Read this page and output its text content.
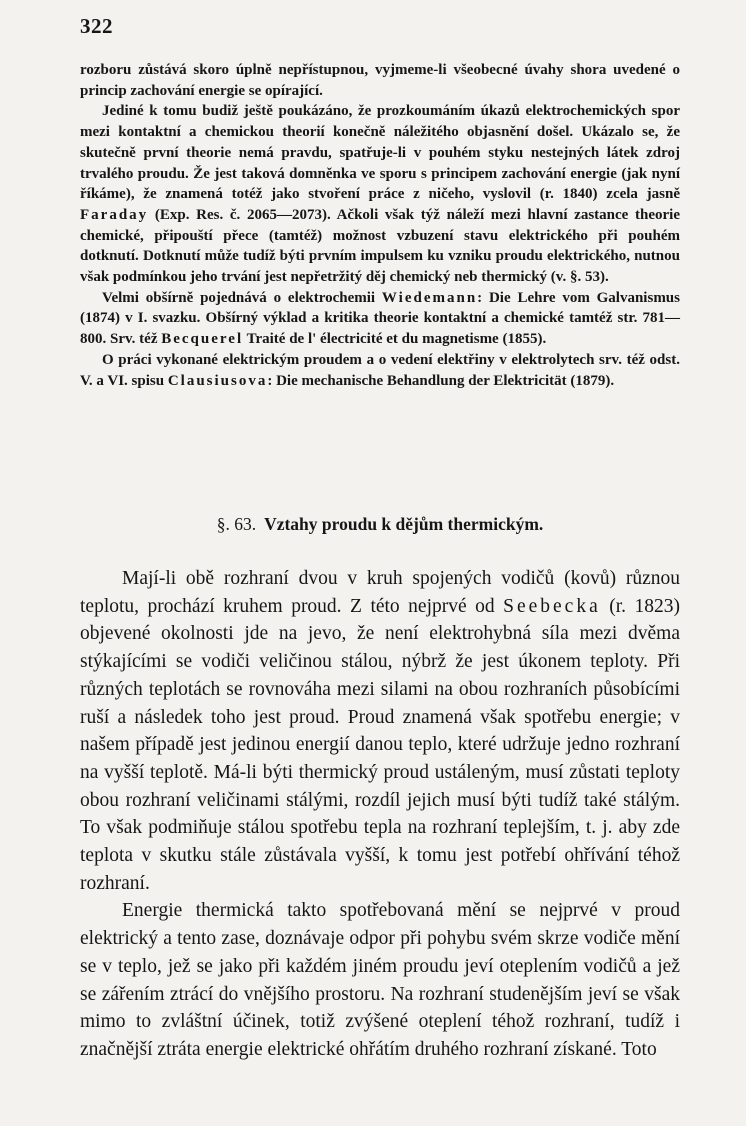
322

rozboru zůstává skoro úplně nepřístupnou, vyjmeme-li všeobecné úvahy shora uvedené o princip zachování energie se opírající.

Jediné k tomu budiž ještě poukázáno, že prozkoumáním úkazů elektrochemických spor mezi kontaktní a chemickou theorií konečně náležitého objasnění došel. Ukázalo se, že skutečně první theorie nemá pravdu, spatřuje-li v pouhém styku nestejných látek zdroj trvalého proudu. Že jest taková domněnka ve sporu s principem zachování energie (jak nyní říkáme), že znamená totéž jako stvoření práce z ničeho, vyslovil (r. 1840) zcela jasně Faraday (Exp. Res. č. 2065—2073). Ačkoli však týž náleží mezi hlavní zastance theorie chemické, připouští přece (tamtéž) možnost vzbuzení stavu elektrického při pouhém dotknutí. Dotknutí může tudíž býti prvním impulsem ku vzniku proudu elektrického, nutnou však podmínkou jeho trvání jest nepřetržitý děj chemický neb thermický (v. §. 53).

Velmi obšírně pojednává o elektrochemii Wiedemann: Die Lehre vom Galvanismus (1874) v I. svazku. Obšírný výklad a kritika theorie kontaktní a chemické tamtéž str. 781—800. Srv. též Becquerel Traité de l' électricité et du magnetisme (1855).

O práci vykonané elektrickým proudem a o vedení elektřiny v elektrolytech srv. též odst. V. a VI. spisu Clausiusova: Die mechanische Behandlung der Elektricität (1879).

§. 63. Vztahy proudu k dějům thermickým.

Mají-li obě rozhraní dvou v kruh spojených vodičů (kovů) různou teplotu, prochází kruhem proud. Z této nejprvé od Seebecka (r. 1823) objevené okolnosti jde na jevo, že není elektrohybná síla mezi dvěma stýkajícími se vodiči veličinou stálou, nýbrž že jest úkonem teploty. Při různých teplotách se rovnováha mezi silami na obou rozhraních působícími ruší a následek toho jest proud. Proud znamená však spotřebu energie; v našem případě jest jedinou energií danou teplo, které udržuje jedno rozhraní na vyšší teplotě. Má-li býti thermický proud ustáleným, musí zůstati teploty obou rozhraní veličinami stálými, rozdíl jejich musí býti tudíž také stálým. To však podmiňuje stálou spotřebu tepla na rozhraní teplejším, t. j. aby zde teplota v skutku stále zůstávala vyšší, k tomu jest potřebí ohřívání téhož rozhraní.

Energie thermická takto spotřebovaná mění se nejprvé v proud elektrický a tento zase, doznávaje odpor při pohybu svém skrze vodiče mění se v teplo, jež se jako při každém jiném proudu jeví oteplením vodičů a jež se zářením ztrácí do vnějšího prostoru. Na rozhraní studenějším jeví se však mimo to zvláštní účinek, totiž zvýšené oteplení téhož rozhraní, tudíž i značnější ztráta energie elektrické ohřátím druhého rozhraní získané. Toto
